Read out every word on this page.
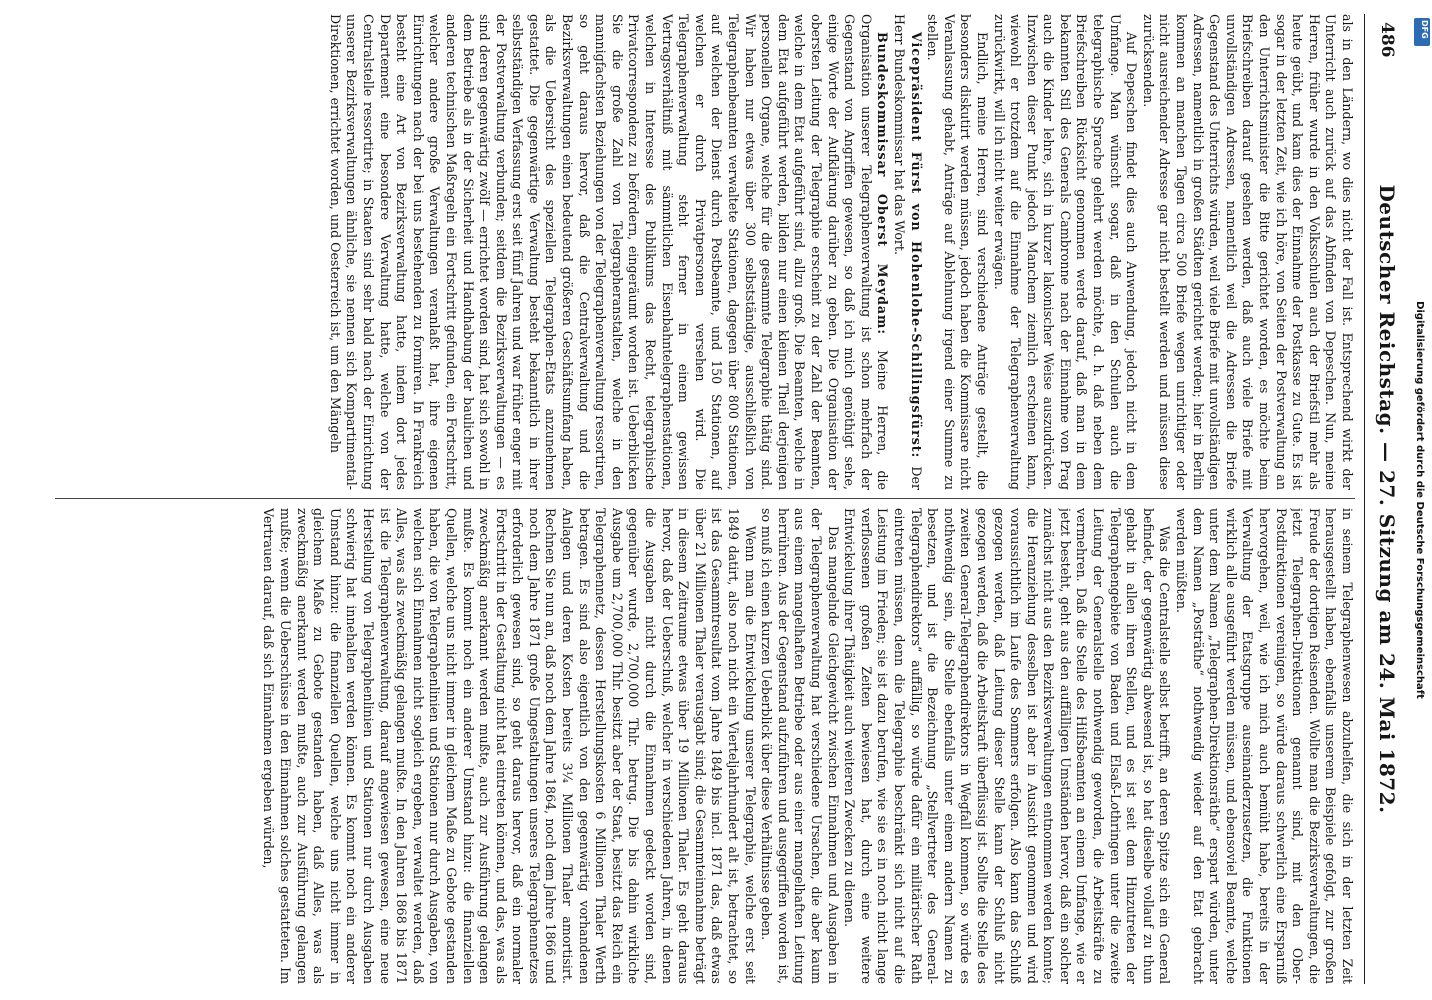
486
Deutscher Reichstag. — 27. Sitzung am 24. Mai 1872.

als in den Ländern, wo dies nicht der Fall ist. Entsprechend wirkt der Unterricht auch zurück auf das Abfinden von Depeschen. Nun, meine Herren, früher wurde in den Volksschulen auch der Briefstil mehr als heute geübt, und kam dies der Einnahme der Postkasse zu Gute. Es ist sogar in der letzten Zeit, wie ich höre, von Seiten der Postverwaltung an den Unterrichtsminister die Bitte gerichtet worden, es möchte beim Briefschreiben darauf gesehen werden, daß auch viele Briefe mit unvollständigen Adressen, namentlich weil die Adressen die Briefe Gegenstand des Unterrichts würden, weil viele Briefe mit unvollständigen Adressen, namentlich in großen Städten gerichtet werden; hier in Berlin kommen an manchen Tagen circa 500 Briefe wegen unrichtiger oder nicht ausreichender Adresse gar nicht bestellt werden und müssen diese zurücksenden.

Auf Depeschen findet dies auch Anwendung, jedoch nicht in dem Umfange. Man wünscht sogar, daß in den Schulen auch die telegraphische Sprache gelehrt werden möchte, d. h. daß neben dem Briefschreiben Rücksicht genommen werde darauf, daß man in dem bekannten Stil des Generals Cambronne nach der Einnahme von Prag auch die Kinder lehre, sich in kurzer lakonischer Weise auszudrücken. Inzwischen dieser Punkt jedoch Manchem ziemlich erscheinen kann, wiewohl er trotzdem auf die Einnahme der Telegraphenverwaltung zurückwirkt, will ich nicht weiter erwägen.

Endlich, meine Herren, sind verschiedene Anträge gestellt, die besonders diskutirt werden müssen, jedoch haben die Kommissare nicht Veranlassung gehabt, Anträge auf Ablehnung irgend einer Summe zu stellen.

Vicepräsident Fürst von Hohenlohe-Schillingsfürst: Der Herr Bundeskommissar hat das Wort.

Bundeskommissar Oberst Meydam: Meine Herren, die Organisation unserer Telegraphenverwaltung ist schon mehrfach der Gegenstand von Angriffen gewesen, so daß ich mich genöthigt sehe, einige Worte der Aufklärung darüber zu geben. Die Organisation der obersten Leitung der Telegraphie erscheint zu der Zahl der Beamten, welche in dem Etat aufgeführt sind, allzu groß. Die Beamten, welche in dem Etat aufgeführt werden, bilden nur einen kleinen Theil derjenigen personellen Organe, welche für die gesammte Telegraphie thätig sind. Wir haben nur etwas über 300 selbstständige, ausschließlich von Telegraphenbeamten verwaltete Stationen, dagegen über 800 Stationen, auf welchen der Dienst durch Postbeamte, und 150 Stationen, auf welchen er durch Privatpersonen versehen wird. Die Telegraphenverwaltung steht ferner in einem gewissen Vertragsverhältniß mit sämmtlichen Eisenbahntelegraphenstationen, welchen in Interesse des Publikums das Recht, telegraphische Privatcorrespondenz zu befördern, eingeräumt worden ist. Ueberblicken Sie die große Zahl von Telegrapheranstalten, welche in den mannigfachsten Beziehungen von der Telegraphenverwaltung ressortiren, so geht daraus hervor, daß die Centralverwaltung und die Bezirksverwaltungen einen bedeutend größeren Geschäftsumfang haben, als die Uebersicht des speziellen Telegraphen-Etats anzunehmen gestattet. Die gegenwärtige Verwaltung besteht bekanntlich in ihrer selbstständigen Verfassung erst seit fünf Jahren und war früher enger mit der Postverwaltung verbunden; seitdem die Bezirksverwaltungen — es sind deren gegenwärtig zwölf — errichtet worden sind, hat sich sowohl in dem Betriebe als in der Sicherheit und Handhabung der baulichen und anderen technischen Maßregeln ein Fortschritt gefunden, ein Fortschritt, welcher andere große Verwaltungen veranlaßt hat, ihre eigenen Einrichtungen nach der bei uns bestehenden zu formiren. In Frankreich besteht eine Art von Bezirksverwaltung hatte, indem dort jedes Departement eine besondere Verwaltung hatte, welche von der Centralstelle ressortirte; in Staaten sind sehr bald nach der Einrichtung unserer Bezirksverwaltungen ähnliche, sie nennen sich Kompartimental-Direktionen, errichtet worden, und Oesterreich ist, um den Mängeln

in seinem Telegraphenwesen abzuhelfen, die sich in der letzten Zeit herausgestellt haben, ebenfalls unserem Beispiele gefolgt, zur großen Freude der dortigen Reisenden. Wollte man die Bezirksverwaltungen, die jetzt Telegraphen-Direktionen genannt sind, mit den Ober-Postdirektionen vereinigen, so würde daraus schwerlich eine Ersparniß hervorgehen, weil, wie ich mich auch bemüht habe, bereits in der Verwaltung der Etatsgruppe auseinanderzusetzen, die Funktionen wirklich alle ausgeführt werden müssen, und ebensoviel Beamte, welche unter dem Namen „Telegraphen-Direktionsräthe“ erspart würden, unter dem Namen „Posträthe“ nothwendig wieder auf den Etat gebracht werden müßten.

Was die Centralstelle selbst betrifft, an deren Spitze sich ein General befindet, der gegenwärtig abwesend ist, so hat dieselbe vollauf zu thun gehabt in allen ihren Stellen, und es ist seit dem Hinzutreten der Telegraphengebiete von Baden und Elsaß-Lothringen unter die zweite Leitung der Generalstelle nothwendig geworden, die Arbeitskräfte zu vermehren. Daß die Stelle des Hilfsbeamten an einem Umfange, wie er jetzt besteht, geht aus den auffälligen Umständen hervor, daß ein solcher zunächst nicht aus den Bezirksverwaltungen entnommen werden konnte; die Heranziehung desselben ist aber in Aussicht genommen und wird voraussichtlich im Laufe des Sommers erfolgen. Also kann das Schluß gezogen werden, daß Leitung dieser Stelle kann der Schluß nicht gezogen werden, daß die Arbeitskraft überflüssig ist. Sollte die Stelle des zweiten General-Telegraphendirektors in Wegfall kommen, so würde es nothwendig sein, die Stelle ebenfalls unter einem andern Namen zu besetzen, und ist die Bezeichnung „Stellvertreter des General-Telegraphendirektors“ auffällig, so würde dafür ein militärischer Rath eintreten müssen, denn die Telegraphie beschränkt sich nicht auf die Leistung im Frieden; sie ist dazu berufen, wie sie es in noch nicht lange verflossenen großen Zeiten bewiesen hat, durch eine weitere Entwickelung ihrer Thätigkeit auch weiteren Zwecken zu dienen.

Das mangelnde Gleichgewicht zwischen Einnahmen und Ausgaben in der Telegraphenverwaltung hat verschiedene Ursachen, die aber kaum aus einem mangelhaften Betriebe oder aus einer mangelhaften Leitung herrühren. Aus der Gegenstand aufzuführen und ausgegriffen worden ist, so muß ich einen kurzen Ueberblick über diese Verhältnisse geben.

Wenn man die Entwickelung unserer Telegraphie, welche erst seit 1849 datirt, also noch nicht ein Vierteljahrhundert alt ist, betrachtet, so ist das Gesammtresultat vom Jahre 1849 bis incl. 1871 das, daß etwas über 21 Millionen Thaler verausgabt sind; die Gesammteinnahme beträgt in diesem Zeitraume etwas über 19 Millionen Thaler. Es geht daraus hervor, daß der Ueberschuß, welcher in verschiedenen Jahren, in denen die Ausgaben nicht durch die Einnahmen gedeckt worden sind, gegenüber wurde, 2,700,000 Thlr. betrug. Die bis dahin wirkliche Ausgabe um 2,700,000 Thlr. besitzt aber der Staat, besitzt das Reich ein Telegraphennetz, dessen Herstellungskosten 6 Millionen Thaler Werth betragen. Es sind also eigentlich von den gegenwärtig vorhandenen Anlagen und deren Kosten bereits 3¼ Millionen Thaler amortisirt. Rechnen Sie nun an, daß noch dem Jahre 1864, noch dem Jahre 1866 und noch dem Jahre 1871 große Umgestaltungen unseres Telegraphennetzes erforderlich gewesen sind, so geht daraus hervor, daß ein normaler Fortschritt in der Gestaltung nicht hat eintreten können, und das, was als zweckmäßig anerkannt werden mußte, auch zur Ausführung gelangen mußte. Es kommt noch ein anderer Umstand hinzu: die finanziellen Quellen, welche uns nicht immer in gleichem Maße zu Gebote gestanden haben, die von Telegraphenlinien und Stationen nur durch Ausgaben, von welchen sich Einnahmen nicht sogleich ergeben, verwaltet werden, daß Alles, was als zweckmäßig gelangen mußte. In den Jahren 1868 bis 1871 ist die Telegraphenverwaltung, darauf angewiesen gewesen, eine neue Herstellung von Telegraphenlinien und Stationen nur durch Ausgaben schwierig hat innehalten werden können. Es kommt noch ein anderer Umstand hinzu: die finanziellen Quellen, welche uns nicht immer in gleichem Maße zu Gebote gestanden haben, daß Alles, was als zweckmäßig anerkannt werden mußte, auch zur Ausführung gelangen mußte; wenn die Ueberschüsse in den Einnahmen solches gestatteten. Im Vertrauen darauf, daß sich Einnahmen ergeben würden,	Digitalisierung gefördert durch die Deutsche Forschungsgemeinschaft
DFG
